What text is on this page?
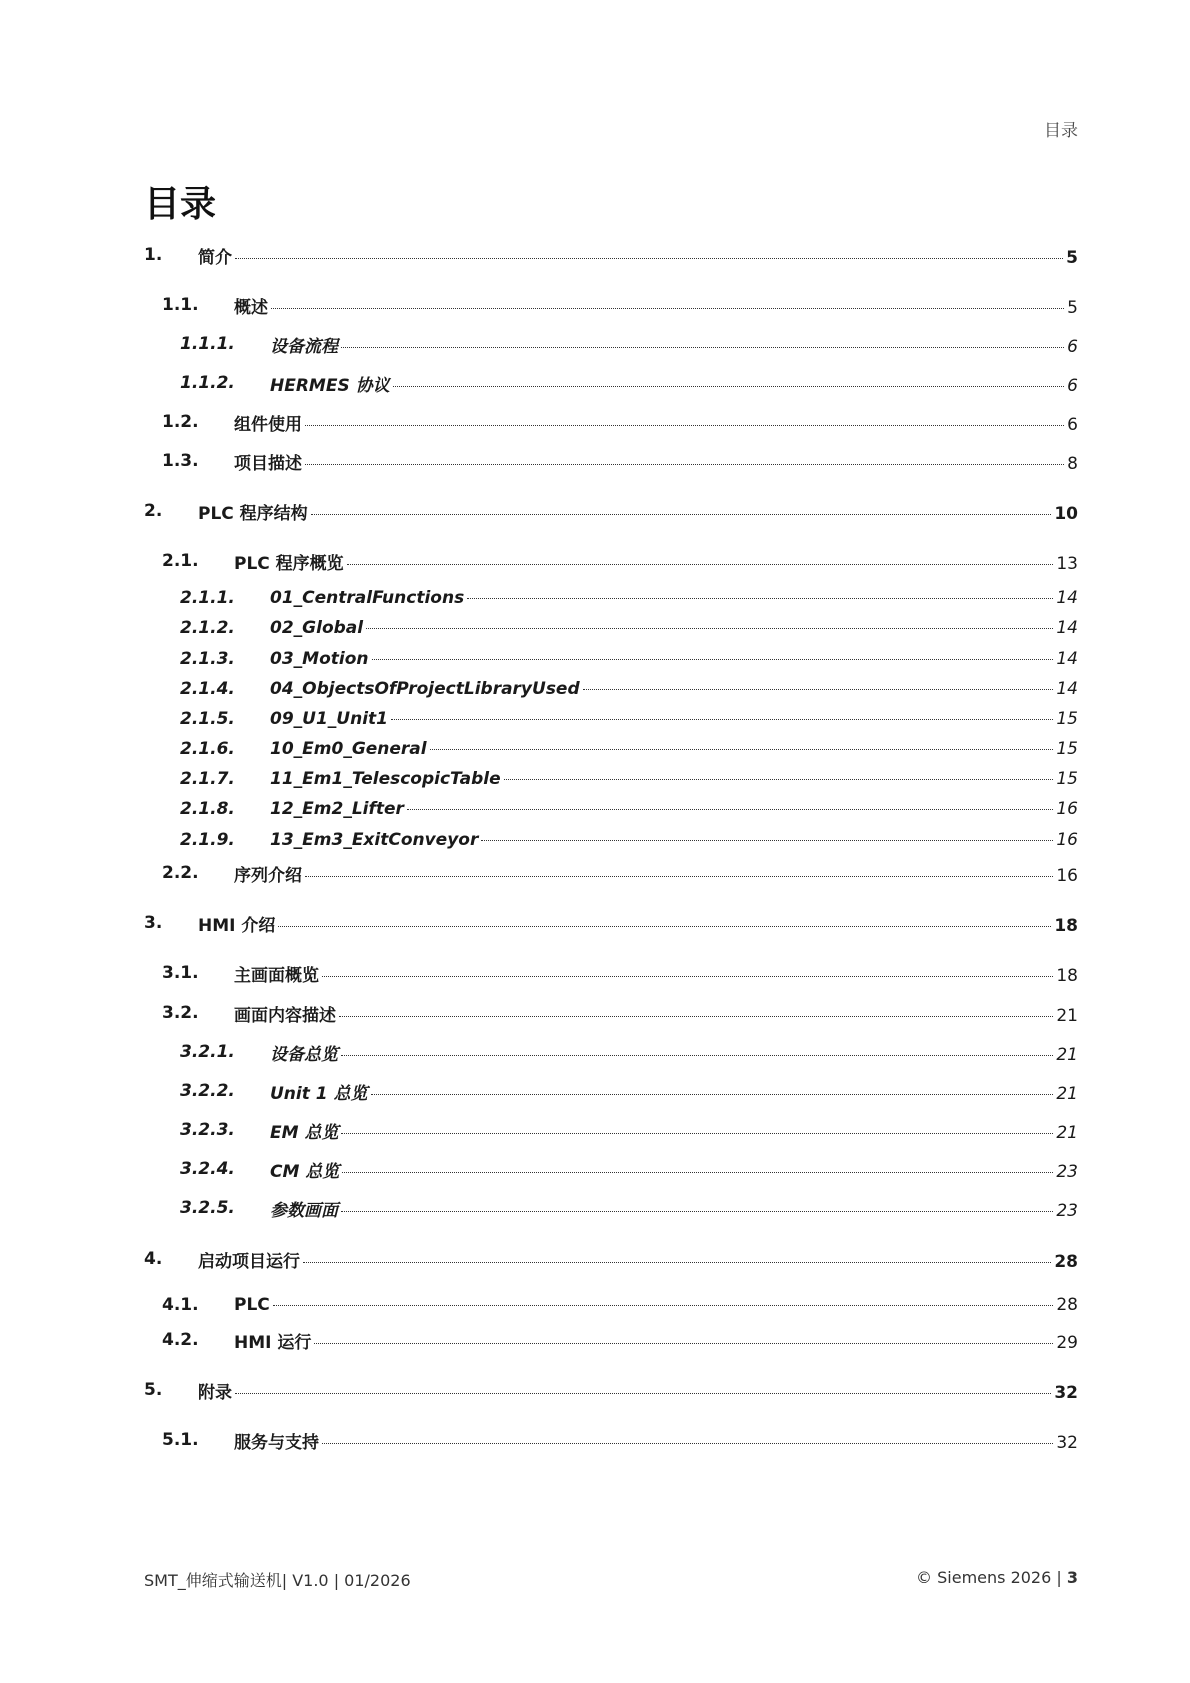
目录
目录
1. 简介	5
1.1. 概述	5
1.1.1. 设备流程	6
1.1.2. HERMES 协议	6
1.2. 组件使用	6
1.3. 项目描述	8
2. PLC 程序结构	10
2.1. PLC 程序概览	13
2.1.1. 01_CentralFunctions	14
2.1.2. 02_Global	14
2.1.3. 03_Motion	14
2.1.4. 04_ObjectsOfProjectLibraryUsed	14
2.1.5. 09_U1_Unit1	15
2.1.6. 10_Em0_General	15
2.1.7. 11_Em1_TelescopicTable	15
2.1.8. 12_Em2_Lifter	16
2.1.9. 13_Em3_ExitConveyor	16
2.2. 序列介绍	16
3. HMI 介绍	18
3.1. 主画面概览	18
3.2. 画面内容描述	21
3.2.1. 设备总览	21
3.2.2. Unit 1 总览	21
3.2.3. EM 总览	21
3.2.4. CM 总览	23
3.2.5. 参数画面	23
4. 启动项目运行	28
4.1. PLC	28
4.2. HMI 运行	29
5. 附录	32
5.1. 服务与支持	32
SMT_伸缩式输送机| V1.0 | 01/2026	© Siemens 2026 | 3
